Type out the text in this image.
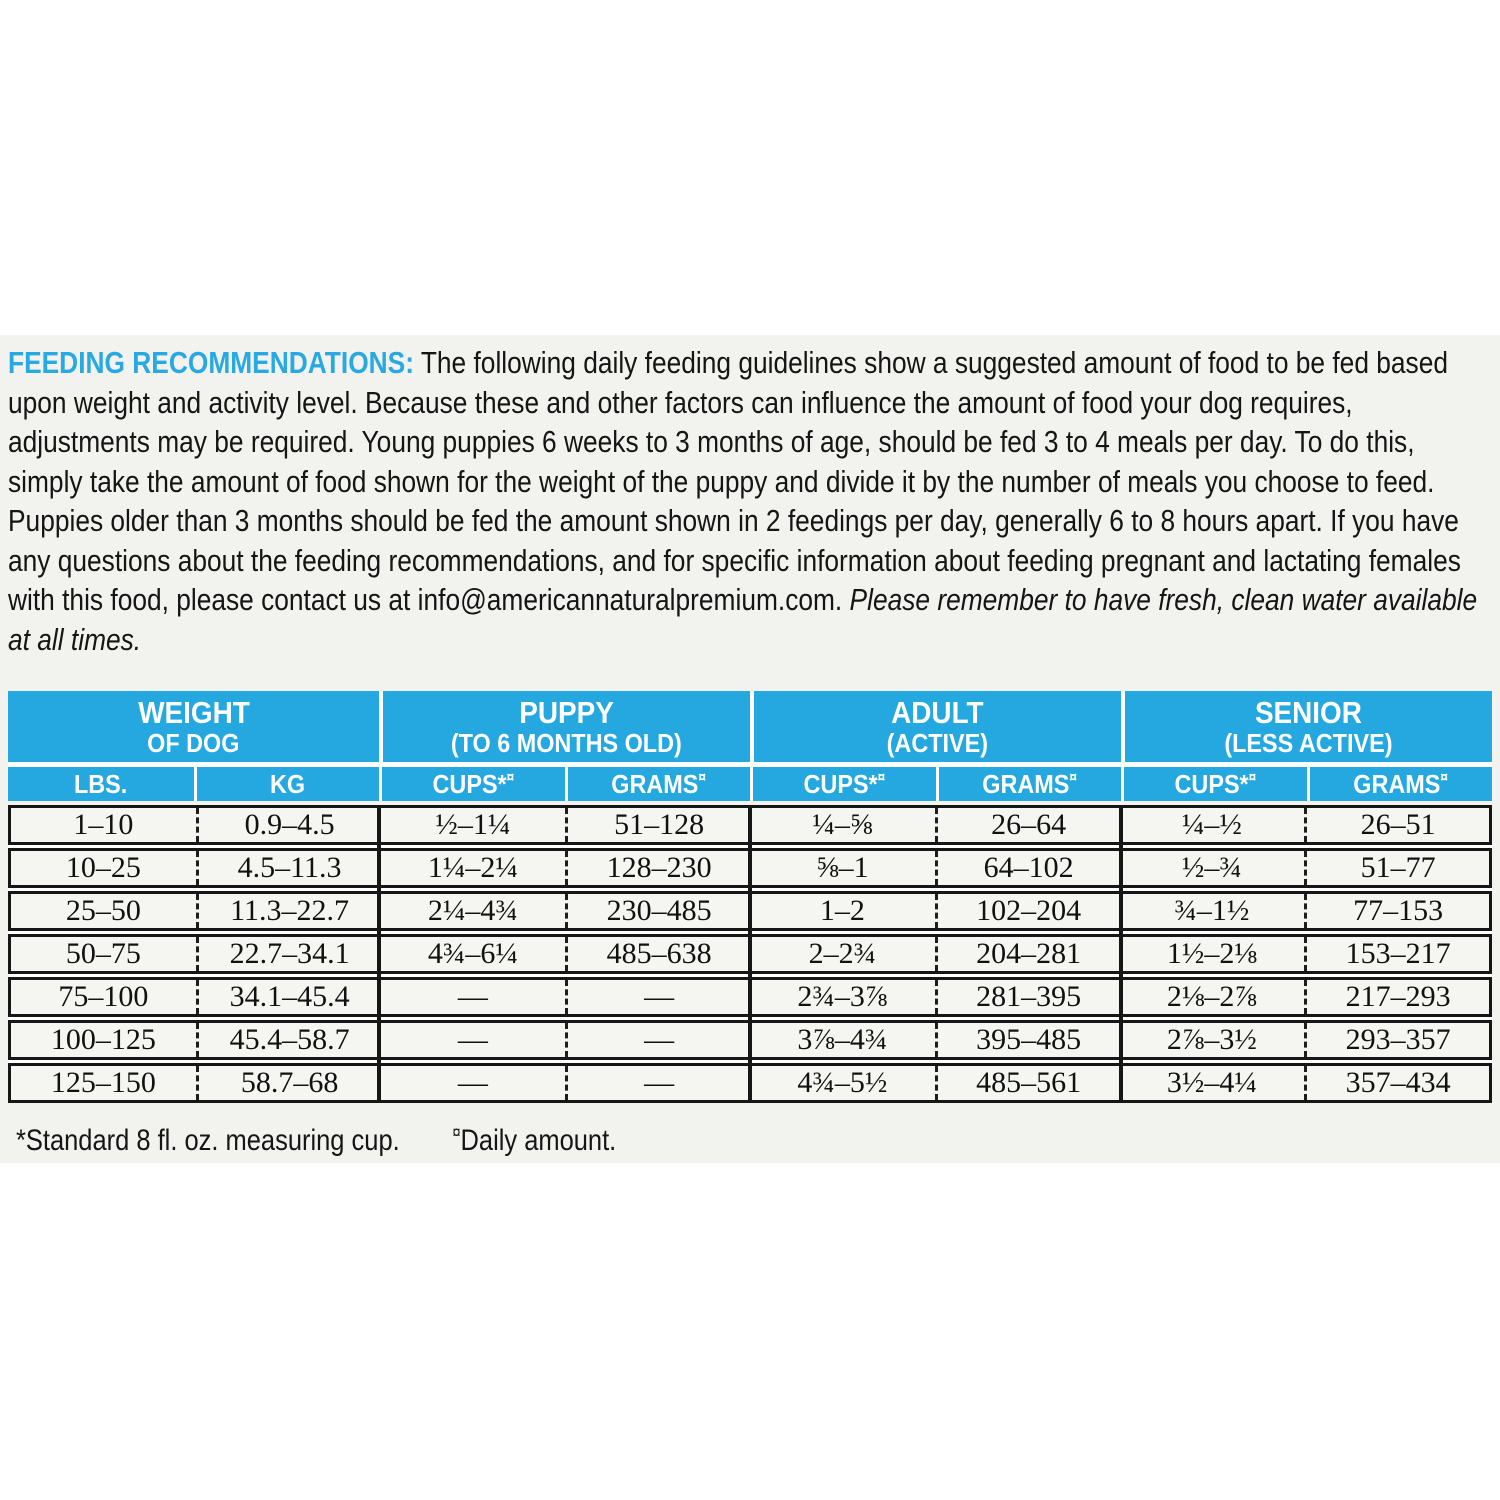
FEEDING RECOMMENDATIONS: The following daily feeding guidelines show a suggested amount of food to be fed based upon weight and activity level. Because these and other factors can influence the amount of food your dog requires, adjustments may be required. Young puppies 6 weeks to 3 months of age, should be fed 3 to 4 meals per day. To do this, simply take the amount of food shown for the weight of the puppy and divide it by the number of meals you choose to feed. Puppies older than 3 months should be fed the amount shown in 2 feedings per day, generally 6 to 8 hours apart. If you have any questions about the feeding recommendations, and for specific information about feeding pregnant and lactating females with this food, please contact us at info@americannaturalpremium.com. Please remember to have fresh, clean water available at all times.
WEIGHT
OF DOG
PUPPY
(TO 6 MONTHS OLD)
ADULT
(ACTIVE)
SENIOR
(LESS ACTIVE)
LBS.	KG	CUPS*¤	GRAMS¤	CUPS*¤	GRAMS¤	CUPS*¤	GRAMS¤
1–10	0.9–4.5	½–1¼	51–128	¼–⅝	26–64	¼–½	26–51
10–25	4.5–11.3	1¼–2¼	128–230	⅝–1	64–102	½–¾	51–77
25–50	11.3–22.7	2¼–4¾	230–485	1–2	102–204	¾–1½	77–153
50–75	22.7–34.1	4¾–6¼	485–638	2–2¾	204–281	1½–2⅛	153–217
75–100	34.1–45.4	—	—	2¾–3⅞	281–395	2⅛–2⅞	217–293
100–125	45.4–58.7	—	—	3⅞–4¾	395–485	2⅞–3½	293–357
125–150	58.7–68	—	—	4¾–5½	485–561	3½–4¼	357–434
*Standard 8 fl. oz. measuring cup.	¤Daily amount.
